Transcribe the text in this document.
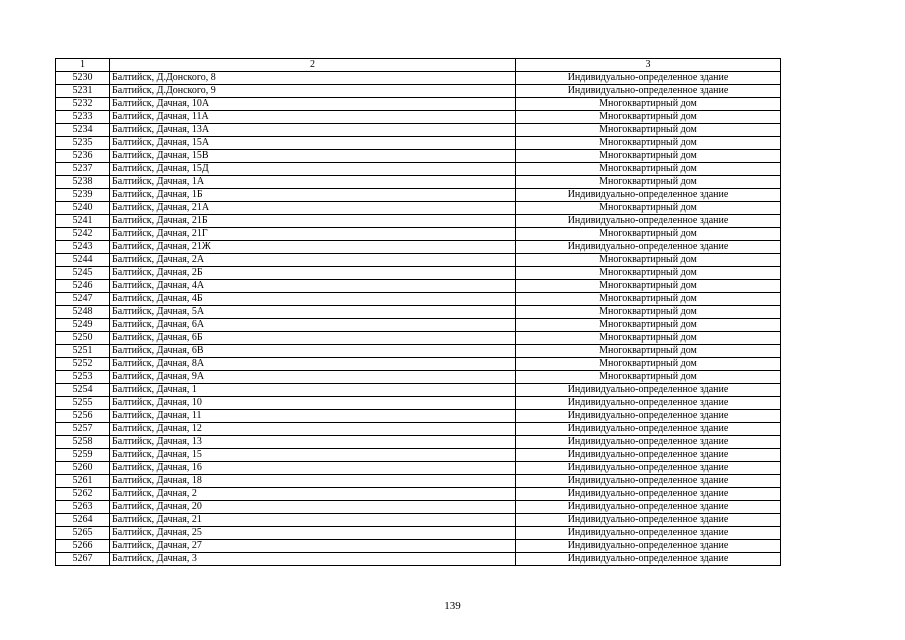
1	2	3
5230	Балтийск, Д.Донского, 8	Индивидуально-определенное здание
5231	Балтийск, Д.Донского, 9	Индивидуально-определенное здание
5232	Балтийск, Дачная, 10А	Многоквартирный дом
5233	Балтийск, Дачная, 11А	Многоквартирный дом
5234	Балтийск, Дачная, 13А	Многоквартирный дом
5235	Балтийск, Дачная, 15А	Многоквартирный дом
5236	Балтийск, Дачная, 15В	Многоквартирный дом
5237	Балтийск, Дачная, 15Д	Многоквартирный дом
5238	Балтийск, Дачная, 1А	Многоквартирный дом
5239	Балтийск, Дачная, 1Б	Индивидуально-определенное здание
5240	Балтийск, Дачная, 21А	Многоквартирный дом
5241	Балтийск, Дачная, 21Б	Индивидуально-определенное здание
5242	Балтийск, Дачная, 21Г	Многоквартирный дом
5243	Балтийск, Дачная, 21Ж	Индивидуально-определенное здание
5244	Балтийск, Дачная, 2А	Многоквартирный дом
5245	Балтийск, Дачная, 2Б	Многоквартирный дом
5246	Балтийск, Дачная, 4А	Многоквартирный дом
5247	Балтийск, Дачная, 4Б	Многоквартирный дом
5248	Балтийск, Дачная, 5А	Многоквартирный дом
5249	Балтийск, Дачная, 6А	Многоквартирный дом
5250	Балтийск, Дачная, 6Б	Многоквартирный дом
5251	Балтийск, Дачная, 6В	Многоквартирный дом
5252	Балтийск, Дачная, 8А	Многоквартирный дом
5253	Балтийск, Дачная, 9А	Многоквартирный дом
5254	Балтийск, Дачная, 1	Индивидуально-определенное здание
5255	Балтийск, Дачная, 10	Индивидуально-определенное здание
5256	Балтийск, Дачная, 11	Индивидуально-определенное здание
5257	Балтийск, Дачная, 12	Индивидуально-определенное здание
5258	Балтийск, Дачная, 13	Индивидуально-определенное здание
5259	Балтийск, Дачная, 15	Индивидуально-определенное здание
5260	Балтийск, Дачная, 16	Индивидуально-определенное здание
5261	Балтийск, Дачная, 18	Индивидуально-определенное здание
5262	Балтийск, Дачная, 2	Индивидуально-определенное здание
5263	Балтийск, Дачная, 20	Индивидуально-определенное здание
5264	Балтийск, Дачная, 21	Индивидуально-определенное здание
5265	Балтийск, Дачная, 25	Индивидуально-определенное здание
5266	Балтийск, Дачная, 27	Индивидуально-определенное здание
5267	Балтийск, Дачная, 3	Индивидуально-определенное здание
139
